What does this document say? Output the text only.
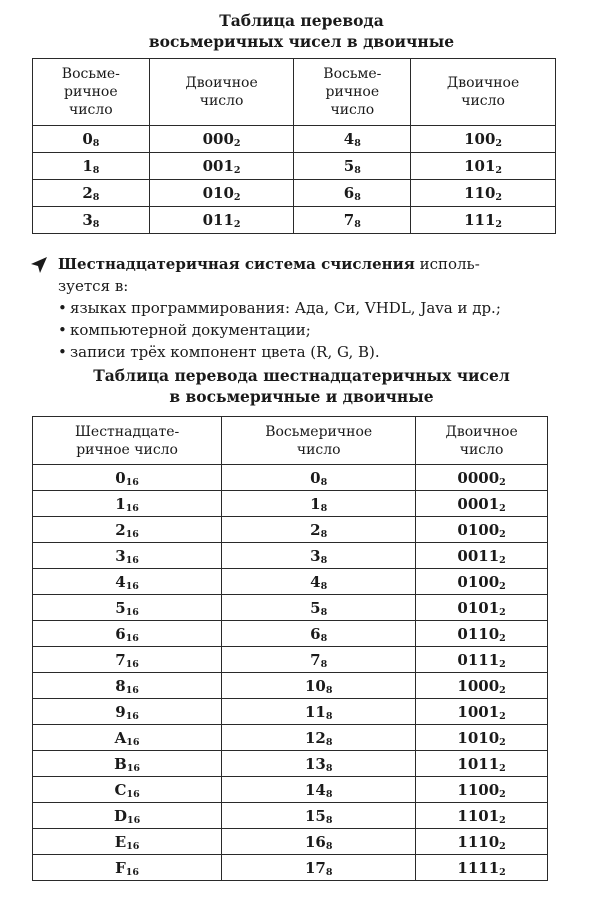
Таблица перевода
восьмеричных чисел в двоичные
Восьме-
ричное
число	Двоичное
число	Восьме-
ричное
число	Двоичное
число
$0_8$	$000_2$	$4_8$	$100_2$
$1_8$	$001_2$	$5_8$	$101_2$
$2_8$	$010_2$	$6_8$	$110_2$
$3_8$	$011_2$	$7_8$	$111_2$

Шестнадцатеричная система счисления исполь-
зуется в:

• языках программирования: Ада, Си, VHDL, Java и др.;
• компьютерной документации;
• записи трёх компонент цвета (R, G, B).
Таблица перевода шестнадцатеричных чисел
в восьмеричные и двоичные
Шестнадцате-
ричное число	Восьмеричное
число	Двоичное
число
$0_{16}$	$0_8$	$0000_2$
$1_{16}$	$1_8$	$0001_2$
$2_{16}$	$2_8$	$0100_2$
$3_{16}$	$3_8$	$0011_2$
$4_{16}$	$4_8$	$0100_2$
$5_{16}$	$5_8$	$0101_2$
$6_{16}$	$6_8$	$0110_2$
$7_{16}$	$7_8$	$0111_2$
$8_{16}$	$10_8$	$1000_2$
$9_{16}$	$11_8$	$1001_2$
$A_{16}$	$12_8$	$1010_2$
$B_{16}$	$13_8$	$1011_2$
$C_{16}$	$14_8$	$1100_2$
$D_{16}$	$15_8$	$1101_2$
$E_{16}$	$16_8$	$1110_2$
$F_{16}$	$17_8$	$1111_2$
